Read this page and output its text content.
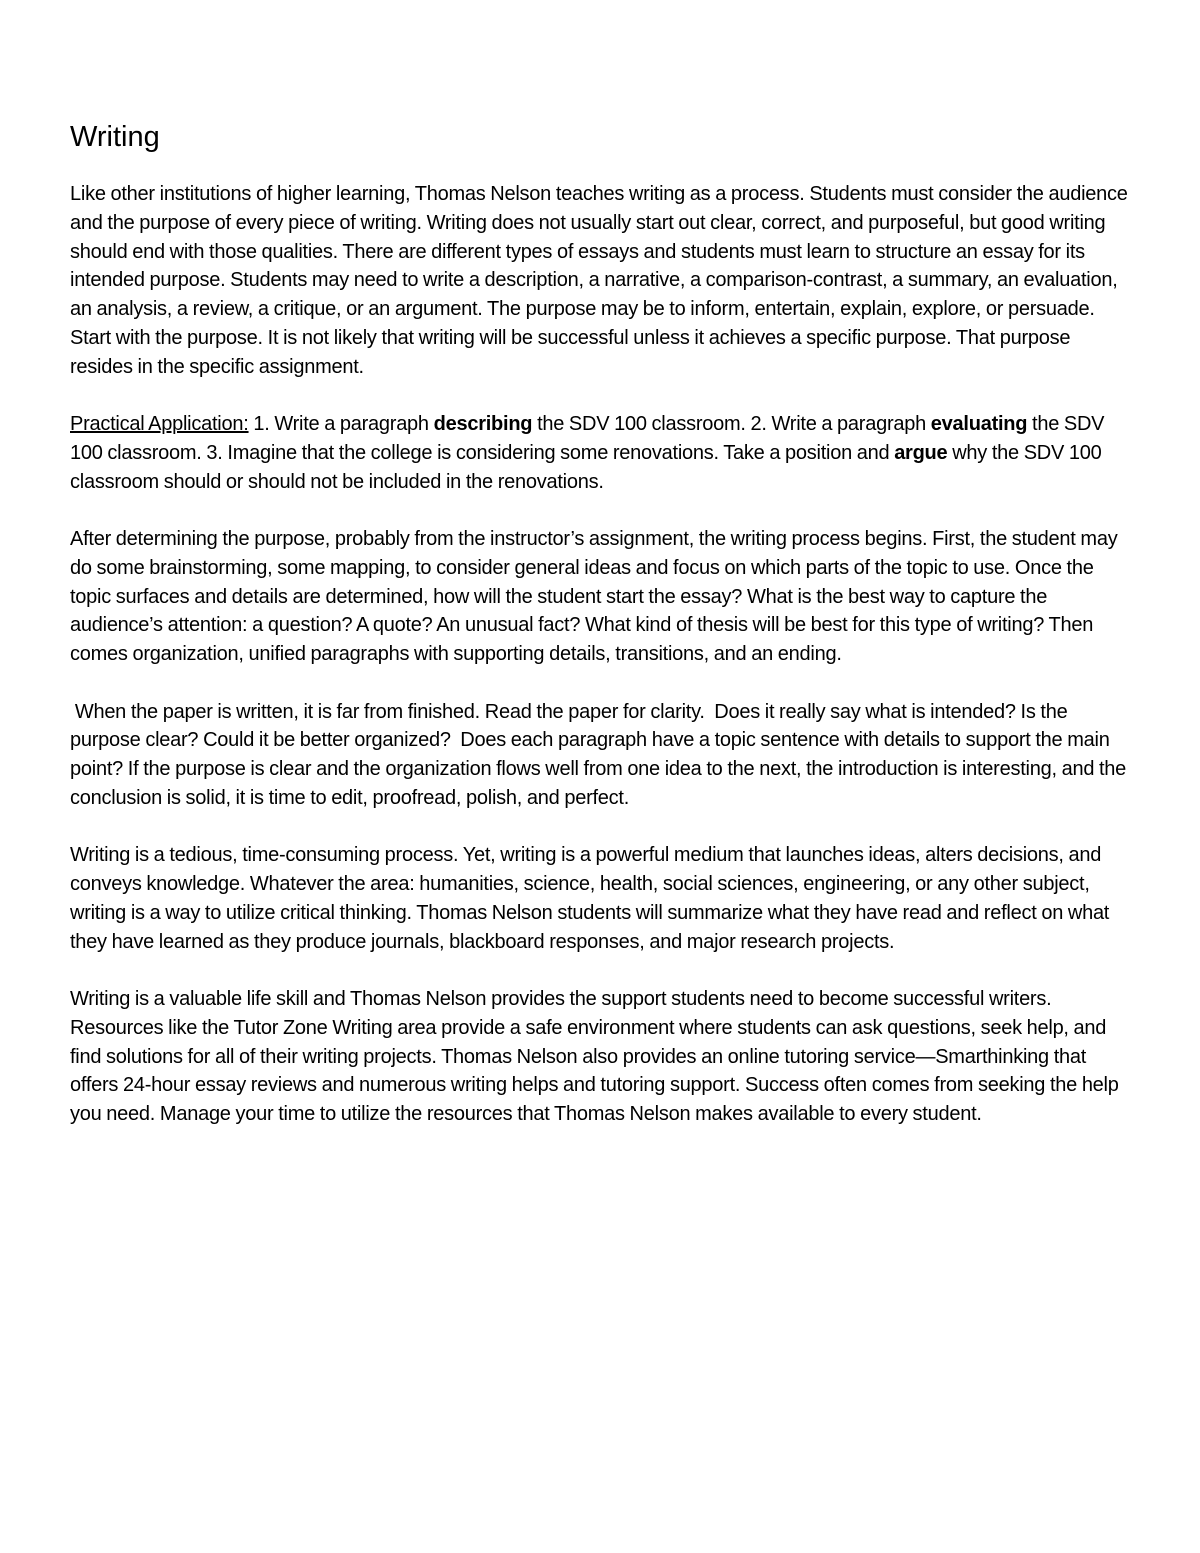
Writing

Like other institutions of higher learning, Thomas Nelson teaches writing as a process. Students must consider the audience and the purpose of every piece of writing. Writing does not usually start out clear, correct, and purposeful, but good writing should end with those qualities. There are different types of essays and students must learn to structure an essay for its intended purpose. Students may need to write a description, a narrative, a comparison-contrast, a summary, an evaluation, an analysis, a review, a critique, or an argument. The purpose may be to inform, entertain, explain, explore, or persuade. Start with the purpose. It is not likely that writing will be successful unless it achieves a specific purpose. That purpose resides in the specific assignment.

Practical Application: 1. Write a paragraph describing the SDV 100 classroom. 2. Write a paragraph evaluating the SDV 100 classroom. 3. Imagine that the college is considering some renovations. Take a position and argue why the SDV 100 classroom should or should not be included in the renovations.

After determining the purpose, probably from the instructor’s assignment, the writing process begins. First, the student may do some brainstorming, some mapping, to consider general ideas and focus on which parts of the topic to use. Once the topic surfaces and details are determined, how will the student start the essay? What is the best way to capture the audience’s attention: a question? A quote? An unusual fact? What kind of thesis will be best for this type of writing? Then comes organization, unified paragraphs with supporting details, transitions, and an ending.

When the paper is written, it is far from finished. Read the paper for clarity.  Does it really say what is intended? Is the purpose clear? Could it be better organized?  Does each paragraph have a topic sentence with details to support the main point? If the purpose is clear and the organization flows well from one idea to the next, the introduction is interesting, and the conclusion is solid, it is time to edit, proofread, polish, and perfect.

Writing is a tedious, time-consuming process. Yet, writing is a powerful medium that launches ideas, alters decisions, and conveys knowledge. Whatever the area: humanities, science, health, social sciences, engineering, or any other subject, writing is a way to utilize critical thinking. Thomas Nelson students will summarize what they have read and reflect on what they have learned as they produce journals, blackboard responses, and major research projects.

Writing is a valuable life skill and Thomas Nelson provides the support students need to become successful writers. Resources like the Tutor Zone Writing area provide a safe environment where students can ask questions, seek help, and find solutions for all of their writing projects. Thomas Nelson also provides an online tutoring service—Smarthinking that offers 24-hour essay reviews and numerous writing helps and tutoring support. Success often comes from seeking the help you need. Manage your time to utilize the resources that Thomas Nelson makes available to every student.
